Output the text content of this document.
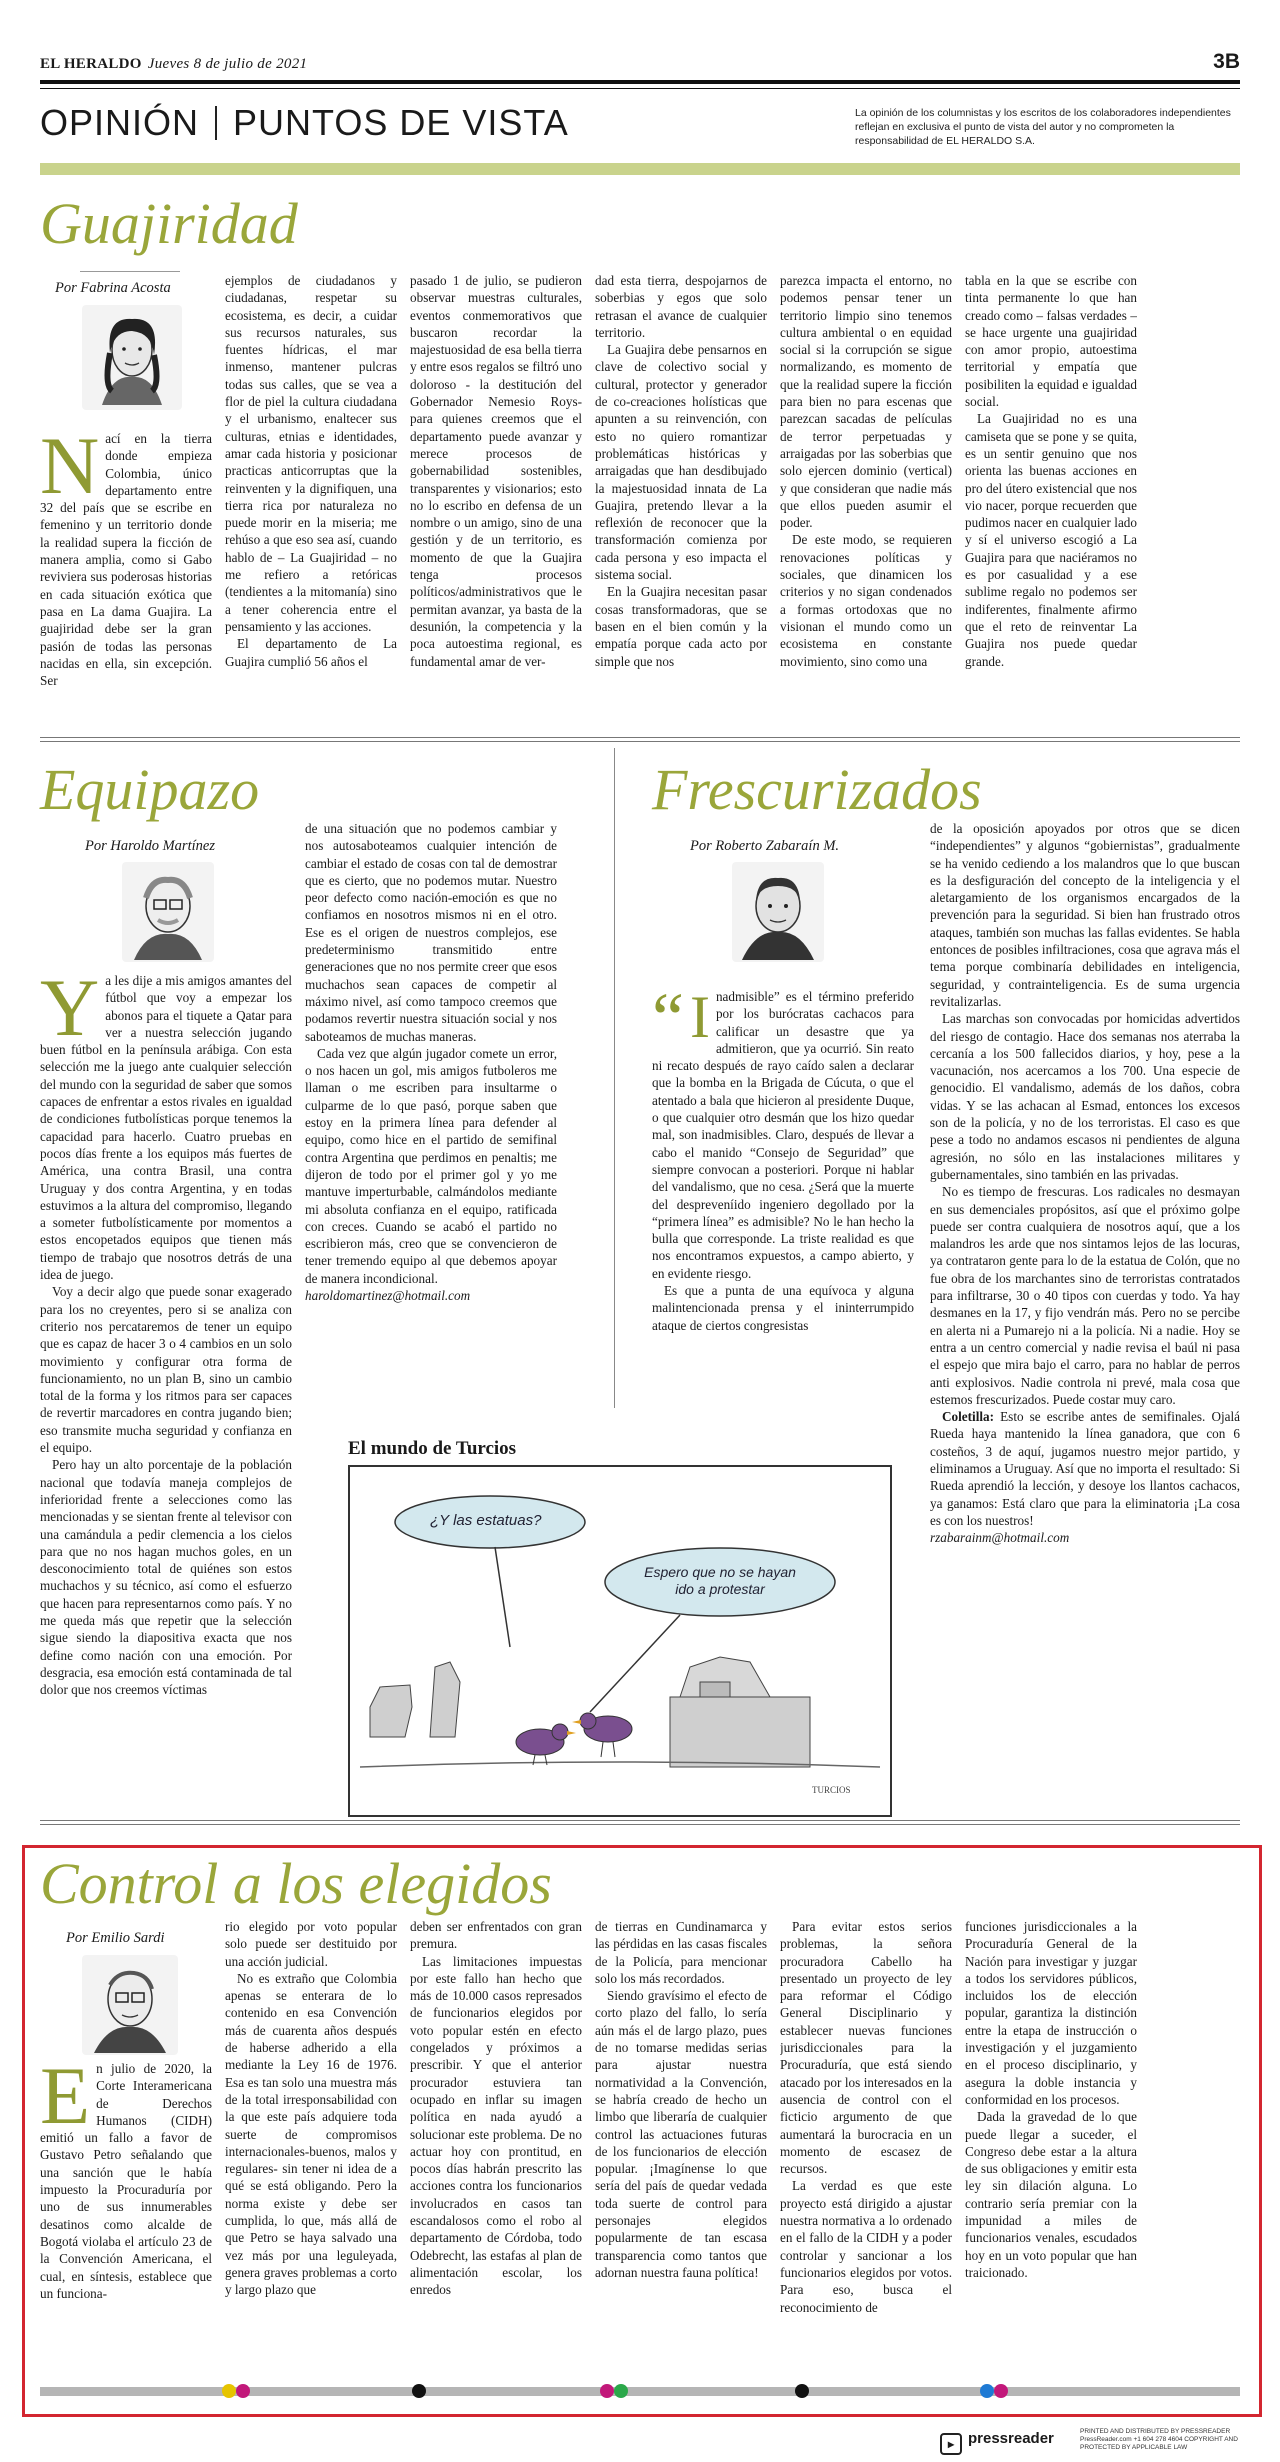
EL HERALDO Jueves 8 de julio de 2021	3B
OPINIÓN PUNTOS DE VISTA	La opinión de los columnistas y los escritos de los colaboradores independientes reflejan en exclusiva el punto de vista del autor y no comprometen la responsabilidad de EL HERALDO S.A.
Guajiridad
Por Fabrina Acosta

Nací en la tierra donde empieza Colombia, único departamento entre 32 del país que se escribe en femenino y un territorio donde la realidad supera la ficción de manera amplia, como si Gabo reviviera sus poderosas historias en cada situación exótica que pasa en La dama Guajira. La guajiridad debe ser la gran pasión de todas las personas nacidas en ella, sin excepción. Ser

ejemplos de ciudadanos y ciudadanas, respetar su ecosistema, es decir, a cuidar sus recursos naturales, sus fuentes hídricas, el mar inmenso, mantener pulcras todas sus calles, que se vea a flor de piel la cultura ciudadana y el urbanismo, enaltecer sus culturas, etnias e identidades, amar cada historia y posicionar practicas anticorruptas que la reinventen y la dignifiquen, una tierra rica por naturaleza no puede morir en la miseria; me rehúso a que eso sea así, cuando hablo de – La Guajiridad – no me refiero a retóricas (tendientes a la mitomanía) sino a tener coherencia entre el pensamiento y las acciones.

El departamento de La Guajira cumplió 56 años el

pasado 1 de julio, se pudieron observar muestras culturales, eventos conmemorativos que buscaron recordar la majestuosidad de esa bella tierra y entre esos regalos se filtró uno doloroso - la destitución del Gobernador Nemesio Roys- para quienes creemos que el departamento puede avanzar y merece procesos de gobernabilidad sostenibles, transparentes y visionarios; esto no lo escribo en defensa de un nombre o un amigo, sino de una gestión y de un territorio, es momento de que la Guajira tenga procesos políticos/administrativos que le permitan avanzar, ya basta de la desunión, la competencia y la poca autoestima regional, es fundamental amar de ver-

dad esta tierra, despojarnos de soberbias y egos que solo retrasan el avance de cualquier territorio.

La Guajira debe pensarnos en clave de colectivo social y cultural, protector y generador de co-creaciones holísticas que apunten a su reinvención, con esto no quiero romantizar problemáticas históricas y arraigadas que han desdibujado la majestuosidad innata de La Guajira, pretendo llevar a la reflexión de reconocer que la transformación comienza por cada persona y eso impacta el sistema social.

En la Guajira necesitan pasar cosas transformadoras, que se basen en el bien común y la empatía porque cada acto por simple que nos

parezca impacta el entorno, no podemos pensar tener un territorio limpio sino tenemos cultura ambiental o en equidad social si la corrupción se sigue normalizando, es momento de que la realidad supere la ficción para bien no para escenas que parezcan sacadas de películas de terror perpetuadas y arraigadas por las soberbias que solo ejercen dominio (vertical) y que consideran que nadie más que ellos pueden asumir el poder.

De este modo, se requieren renovaciones políticas y sociales, que dinamicen los criterios y no sigan condenados a formas ortodoxas que no visionan el mundo como un ecosistema en constante movimiento, sino como una

tabla en la que se escribe con tinta permanente lo que han creado como – falsas verdades – se hace urgente una guajiridad con amor propio, autoestima territorial y empatía que posibiliten la equidad e igualdad social.

La Guajiridad no es una camiseta que se pone y se quita, es un sentir genuino que nos orienta las buenas acciones en pro del útero existencial que nos vio nacer, porque recuerden que pudimos nacer en cualquier lado y sí el universo escogió a La Guajira para que naciéramos no es por casualidad y a ese sublime regalo no podemos ser indiferentes, finalmente afirmo que el reto de reinventar La Guajira nos puede quedar grande.

Equipazo
Por Haroldo Martínez

Ya les dije a mis amigos amantes del fútbol que voy a empezar los abonos para el tiquete a Qatar para ver a nuestra selección jugando buen fútbol en la península arábiga. Con esta selección me la juego ante cualquier selección del mundo con la seguridad de saber que somos capaces de enfrentar a estos rivales en igualdad de condiciones futbolísticas porque tenemos la capacidad para hacerlo. Cuatro pruebas en pocos días frente a los equipos más fuertes de América, una contra Brasil, una contra Uruguay y dos contra Argentina, y en todas estuvimos a la altura del compromiso, llegando a someter futbolísticamente por momentos a estos encopetados equipos que tienen más tiempo de trabajo que nosotros detrás de una idea de juego.

Voy a decir algo que puede sonar exagerado para los no creyentes, pero si se analiza con criterio nos percataremos de tener un equipo que es capaz de hacer 3 o 4 cambios en un solo movimiento y configurar otra forma de funcionamiento, no un plan B, sino un cambio total de la forma y los ritmos para ser capaces de revertir marcadores en contra jugando bien; eso transmite mucha seguridad y confianza en el equipo.

Pero hay un alto porcentaje de la población nacional que todavía maneja complejos de inferioridad frente a selecciones como las mencionadas y se sientan frente al televisor con una camándula a pedir clemencia a los cielos para que no nos hagan muchos goles, en un desconocimiento total de quiénes son estos muchachos y su técnico, así como el esfuerzo que hacen para representarnos como país. Y no me queda más que repetir que la selección sigue siendo la diapositiva exacta que nos define como nación con una emoción. Por desgracia, esa emoción está contaminada de tal dolor que nos creemos víctimas

de una situación que no podemos cambiar y nos autosaboteamos cualquier intención de cambiar el estado de cosas con tal de demostrar que es cierto, que no podemos mutar. Nuestro peor defecto como nación-emoción es que no confiamos en nosotros mismos ni en el otro. Ese es el origen de nuestros complejos, ese predeterminismo transmitido entre generaciones que no nos permite creer que esos muchachos sean capaces de competir al máximo nivel, así como tampoco creemos que podamos revertir nuestra situación social y nos saboteamos de muchas maneras.

Cada vez que algún jugador comete un error, o nos hacen un gol, mis amigos futboleros me llaman o me escriben para insultarme o culparme de lo que pasó, porque saben que estoy en la primera línea para defender al equipo, como hice en el partido de semifinal contra Argentina que perdimos en penaltis; me dijeron de todo por el primer gol y yo me mantuve imperturbable, calmándolos mediante mi absoluta confianza en el equipo, ratificada con creces. Cuando se acabó el partido no escribieron más, creo que se convencieron de tener tremendo equipo al que debemos apoyar de manera incondicional.

haroldomartinez@hotmail.com

Frescurizados
Por Roberto Zabaraín M.

“ I nadmisible” es el término preferido por los burócratas cachacos para calificar un desastre que ya admitieron, que ya ocurrió. Sin reato ni recato después de rayo caído salen a declarar que la bomba en la Brigada de Cúcuta, o que el atentado a bala que hicieron al presidente Duque, o que cualquier otro desmán que los hizo quedar mal, son inadmisibles. Claro, después de llevar a cabo el manido “Consejo de Seguridad” que siempre convocan a posteriori. Porque ni hablar del vandalismo, que no cesa. ¿Será que la muerte del despreveníido ingeniero degollado por la “primera línea” es admisible? No le han hecho la bulla que corresponde. La triste realidad es que nos encontramos expuestos, a campo abierto, y en evidente riesgo.

Es que a punta de una equívoca y alguna malintencionada prensa y el ininterrumpido ataque de ciertos congresistas

de la oposición apoyados por otros que se dicen “independientes” y algunos “gobiernistas”, gradualmente se ha venido cediendo a los malandros que lo que buscan es la desfiguración del concepto de la inteligencia y el aletargamiento de los organismos encargados de la prevención para la seguridad. Si bien han frustrado otros ataques, también son muchas las fallas evidentes. Se habla entonces de posibles infiltraciones, cosa que agrava más el tema porque combinaría debilidades en inteligencia, seguridad, y contrainteligencia. Es de suma urgencia revitalizarlas.

Las marchas son convocadas por homicidas advertidos del riesgo de contagio. Hace dos semanas nos aterraba la cercanía a los 500 fallecidos diarios, y hoy, pese a la vacunación, nos acercamos a los 700. Una especie de genocidio. El vandalismo, además de los daños, cobra vidas. Y se las achacan al Esmad, entonces los excesos son de la policía, y no de los terroristas. El caso es que pese a todo no andamos escasos ni pendientes de alguna agresión, no sólo en las instalaciones militares y gubernamentales, sino también en las privadas.

No es tiempo de frescuras. Los radicales no desmayan en sus demenciales propósitos, así que el próximo golpe puede ser contra cualquiera de nosotros aquí, que a los malandros les arde que nos sintamos lejos de las locuras, ya contrataron gente para lo de la estatua de Colón, que no fue obra de los marchantes sino de terroristas contratados para infiltrarse, 30 o 40 tipos con cuerdas y todo. Ya hay desmanes en la 17, y fijo vendrán más. Pero no se percibe en alerta ni a Pumarejo ni a la policía. Ni a nadie. Hoy se entra a un centro comercial y nadie revisa el baúl ni pasa el espejo que mira bajo el carro, para no hablar de perros anti explosivos. Nadie controla ni prevé, mala cosa que estemos frescurizados. Puede costar muy caro.

Coletilla: Esto se escribe antes de semifinales. Ojalá Rueda haya mantenido la línea ganadora, que con 6 costeños, 3 de aquí, jugamos nuestro mejor partido, y eliminamos a Uruguay. Así que no importa el resultado: Si Rueda aprendió la lección, y desoye los llantos cachacos, ya ganamos: Está claro que para la eliminatoria ¡La cosa es con los nuestros!

rzabarainm@hotmail.com

El mundo de Turcios
¿Y las estatuas?
Espero que no se hayan ido a protestar
TURCIOS
Control a los elegidos
Por Emilio Sardi

En julio de 2020, la Corte Interamericana de Derechos Humanos (CIDH) emitió un fallo a favor de Gustavo Petro señalando que una sanción que le había impuesto la Procuraduría por uno de sus innumerables desatinos como alcalde de Bogotá violaba el artículo 23 de la Convención Americana, el cual, en síntesis, establece que un funciona-

rio elegido por voto popular solo puede ser destituido por una acción judicial.

No es extraño que Colombia apenas se enterara de lo contenido en esa Convención más de cuarenta años después de haberse adherido a ella mediante la Ley 16 de 1976. Esa es tan solo una muestra más de la total irresponsabilidad con la que este país adquiere toda suerte de compromisos internacionales-buenos, malos y regulares- sin tener ni idea de a qué se está obligando. Pero la norma existe y debe ser cumplida, lo que, más allá de que Petro se haya salvado una vez más por una leguleyada, genera graves problemas a corto y largo plazo que

deben ser enfrentados con gran premura.

Las limitaciones impuestas por este fallo han hecho que más de 10.000 casos represados de funcionarios elegidos por voto popular estén en efecto congelados y próximos a prescribir. Y que el anterior procurador estuviera tan ocupado en inflar su imagen política en nada ayudó a solucionar este problema. De no actuar hoy con prontitud, en pocos días habrán prescrito las acciones contra los funcionarios involucrados en casos tan escandalosos como el robo al departamento de Córdoba, todo Odebrecht, las estafas al plan de alimentación escolar, los enredos

de tierras en Cundinamarca y las pérdidas en las casas fiscales de la Policía, para mencionar solo los más recordados.

Siendo gravísimo el efecto de corto plazo del fallo, lo sería aún más el de largo plazo, pues de no tomarse medidas serias para ajustar nuestra normatividad a la Convención, se habría creado de hecho un limbo que liberaría de cualquier control las actuaciones futuras de los funcionarios de elección popular. ¡Imagínense lo que sería del país de quedar vedada toda suerte de control para personajes elegidos popularmente de tan escasa transparencia como tantos que adornan nuestra fauna política!

Para evitar estos serios problemas, la señora procuradora Cabello ha presentado un proyecto de ley para reformar el Código General Disciplinario y establecer nuevas funciones jurisdiccionales para la Procuraduría, que está siendo atacado por los interesados en la ausencia de control con el ficticio argumento de que aumentará la burocracia en un momento de escasez de recursos.

La verdad es que este proyecto está dirigido a ajustar nuestra normativa a lo ordenado en el fallo de la CIDH y a poder controlar y sancionar a los funcionarios elegidos por votos. Para eso, busca el reconocimiento de

funciones jurisdiccionales a la Procuraduría General de la Nación para investigar y juzgar a todos los servidores públicos, incluidos los de elección popular, garantiza la distinción entre la etapa de instrucción o investigación y el juzgamiento en el proceso disciplinario, y asegura la doble instancia y conformidad en los procesos.

Dada la gravedad de lo que puede llegar a suceder, el Congreso debe estar a la altura de sus obligaciones y emitir esta ley sin dilación alguna. Lo contrario sería premiar con la impunidad a miles de funcionarios venales, escudados hoy en un voto popular que han traicionado.

▸ pressreader	PRINTED AND DISTRIBUTED BY PRESSREADER PressReader.com +1 604 278 4604 COPYRIGHT AND PROTECTED BY APPLICABLE LAW
